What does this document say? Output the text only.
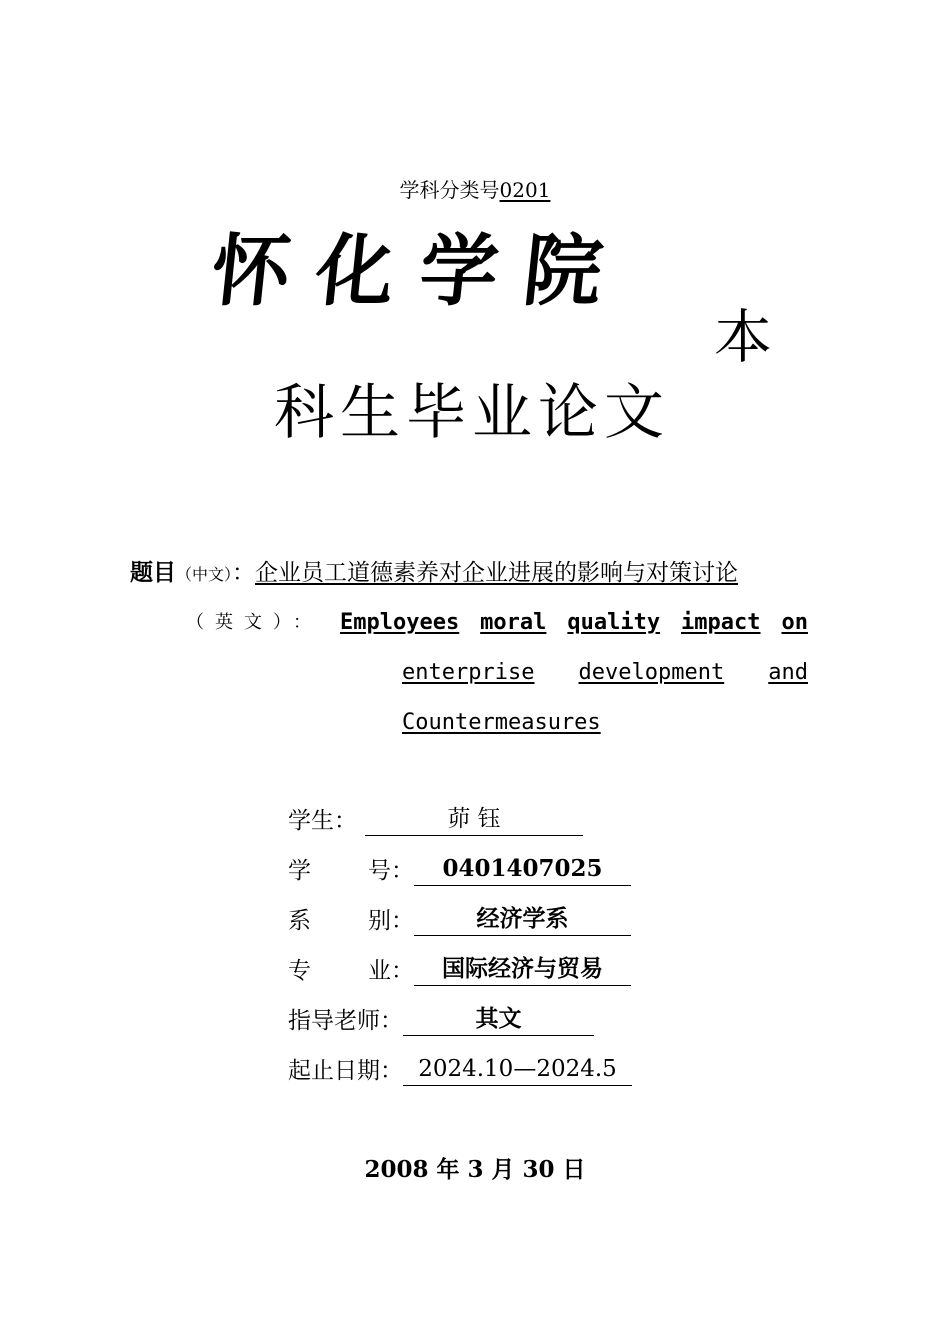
学科分类号0201
怀化学院
本
科生毕业论文
题目（中文）：企业员工道德素养对企业进展的影响与对策讨论
（英文）： Employees moral quality impact on
enterprise development and
Countermeasures
学生：	茆 钰
学 号： 0401407025
系 别：	经济学系
专 业： 国际经济与贸易
指导老师：	其文
起止日期： 2024.10—2024.5
2008 年 3 月 30 日
